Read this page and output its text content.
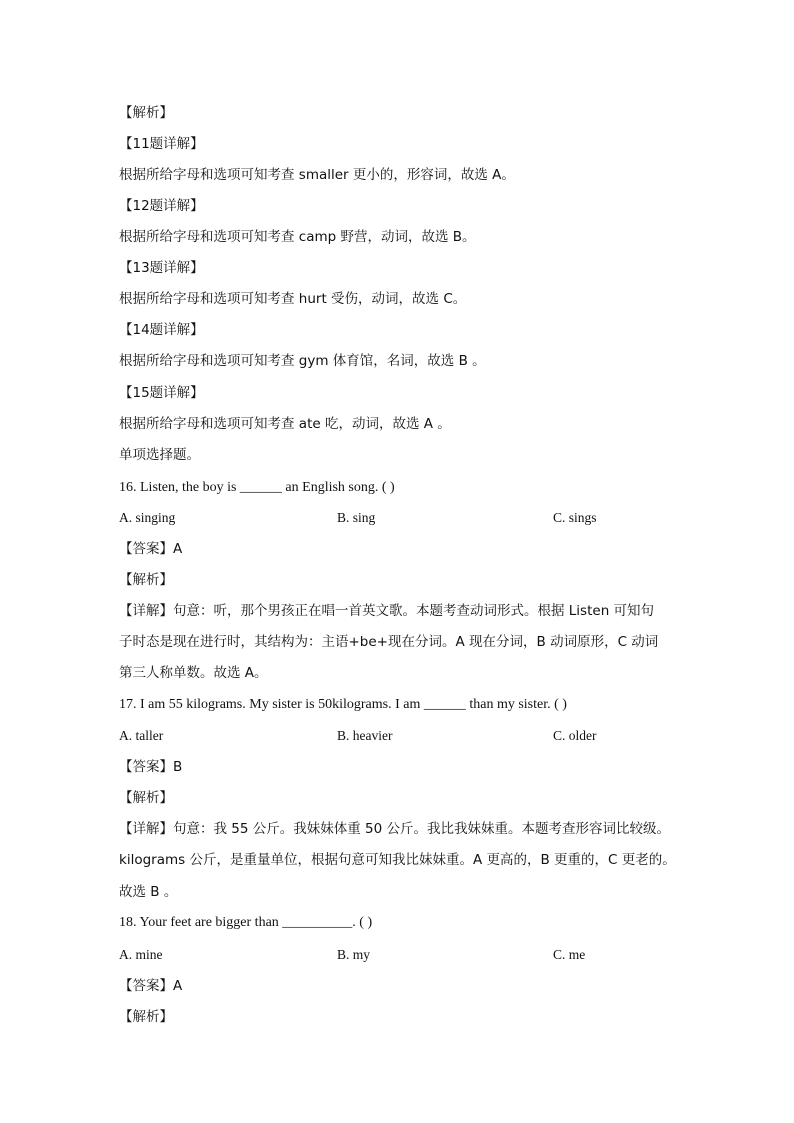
【解析】
【11题详解】
根据所给字母和选项可知考查 smaller 更小的，形容词，故选 A。
【12题详解】
根据所给字母和选项可知考查 camp 野营，动词，故选 B。
【13题详解】
根据所给字母和选项可知考查 hurt 受伤，动词，故选 C。
【14题详解】
根据所给字母和选项可知考查 gym 体育馆，名词，故选 B 。
【15题详解】
根据所给字母和选项可知考查 ate 吃，动词，故选 A 。
单项选择题。
16. Listen, the boy is ______ an English song. ( )
A. singing	B. sing	C. sings
【答案】A
【解析】
【详解】句意：听，那个男孩正在唱一首英文歌。本题考查动词形式。根据 Listen 可知句
子时态是现在进行时，其结构为：主语+be+现在分词。A 现在分词，B 动词原形，C 动词
第三人称单数。故选 A。
17. I am 55 kilograms. My sister is 50kilograms. I am ______ than my sister. ( )
A. taller	B. heavier	C. older
【答案】B
【解析】
【详解】句意：我 55 公斤。我妹妹体重 50 公斤。我比我妹妹重。本题考查形容词比较级。
kilograms 公斤，是重量单位，根据句意可知我比妹妹重。A 更高的，B 更重的，C 更老的。
故选 B 。
18. Your feet are bigger than __________. ( )
A. mine	B. my	C. me
【答案】A
【解析】
